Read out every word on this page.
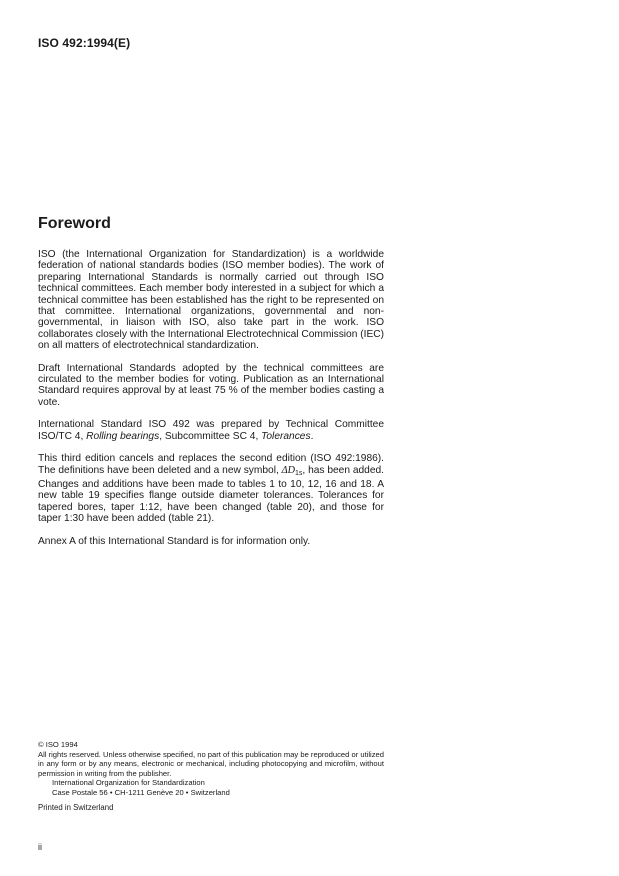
ISO 492:1994(E)
Foreword

ISO (the International Organization for Standardization) is a worldwide federation of national standards bodies (ISO member bodies). The work of preparing International Standards is normally carried out through ISO technical committees. Each member body interested in a subject for which a technical committee has been established has the right to be represented on that committee. International organizations, governmental and non-governmental, in liaison with ISO, also take part in the work. ISO collaborates closely with the International Electrotechnical Commission (IEC) on all matters of electrotechnical standardization.

Draft International Standards adopted by the technical committees are circulated to the member bodies for voting. Publication as an International Standard requires approval by at least 75 % of the member bodies casting a vote.

International Standard ISO 492 was prepared by Technical Committee ISO/TC 4, Rolling bearings, Subcommittee SC 4, Tolerances.

This third edition cancels and replaces the second edition (ISO 492:1986). The definitions have been deleted and a new symbol, $\Delta D_{1s}$, has been added. Changes and additions have been made to tables 1 to 10, 12, 16 and 18. A new table 19 specifies flange outside diameter tolerances. Tolerances for tapered bores, taper 1:12, have been changed (table 20), and those for taper 1:30 have been added (table 21).

Annex A of this International Standard is for information only.

© ISO 1994

All rights reserved. Unless otherwise specified, no part of this publication may be reproduced or utilized in any form or by any means, electronic or mechanical, including photocopying and microfilm, without permission in writing from the publisher.

International Organization for Standardization
Case Postale 56 • CH-1211 Genève 20 • Switzerland
Printed in Switzerland
ii
